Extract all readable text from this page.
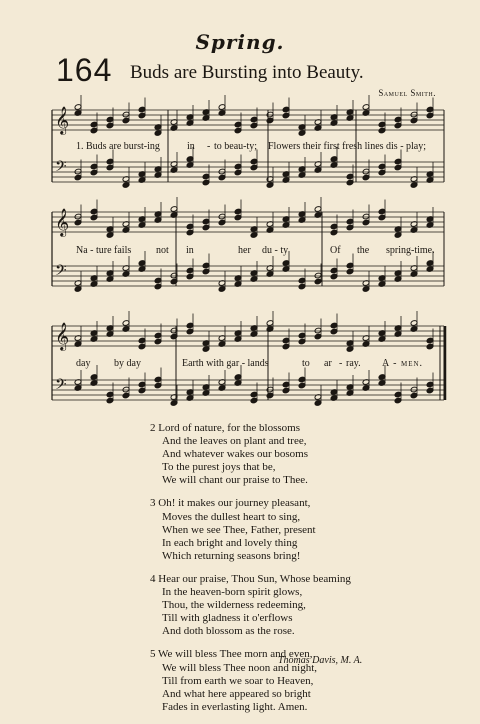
Spring.
164 Buds are Bursting into Beauty.
Samuel Smith.
𝄞
𝄢
𝄞
𝄢
𝄞
𝄢
1. Buds are burst-ing	in - to beau-ty; Flowers their first fresh lines dis - play;
Na - ture fails not in	her du - ty	Of the spring-time.
day by day	Earth with gar - lands	to ar - ray. A - men.
2 Lord of nature, for the blossoms
And the leaves on plant and tree,
And whatever wakes our bosoms
To the purest joys that be,
We will chant our praise to Thee.
3 Oh! it makes our journey pleasant,
Moves the dullest heart to sing,
When we see Thee, Father, present
In each bright and lovely thing
Which returning seasons bring!
4 Hear our praise, Thou Sun, Whose beaming
In the heaven-born spirit glows,
Thou, the wilderness redeeming,
Till with gladness it o'erflows
And doth blossom as the rose.
5 We will bless Thee morn and even,
We will bless Thee noon and night,
Till from earth we soar to Heaven,
And what here appeared so bright
Fades in everlasting light. Amen.
Thomas Davis, M. A.
